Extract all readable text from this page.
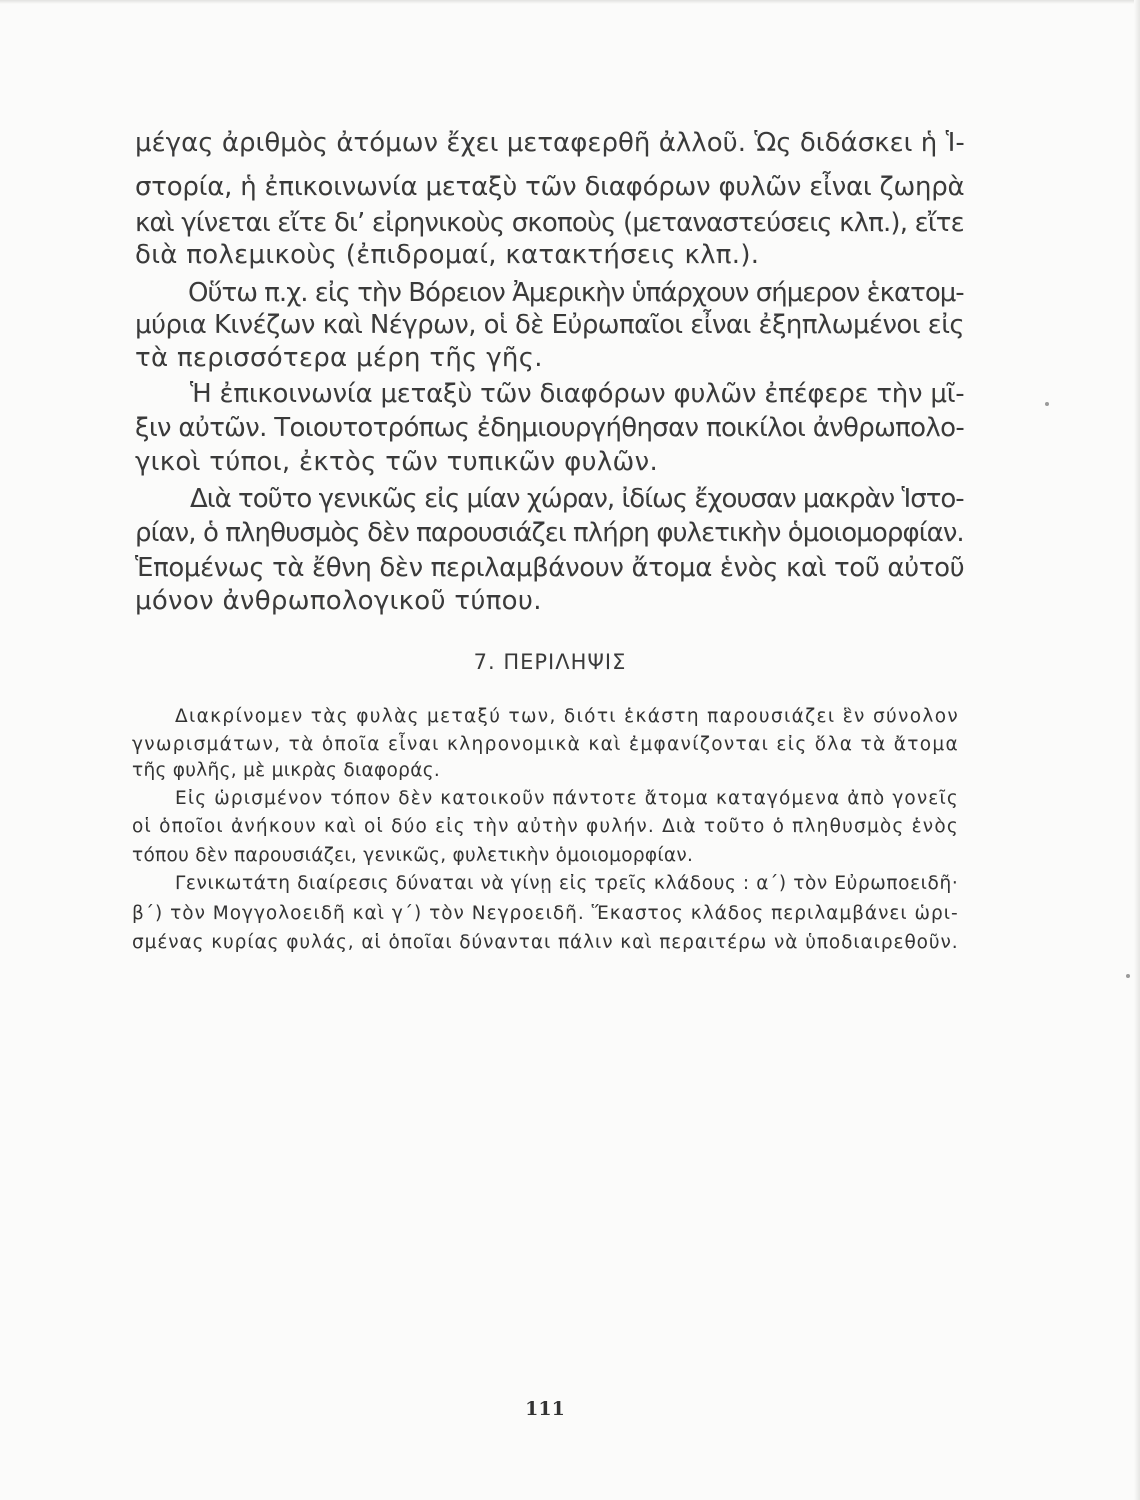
μέγας ἀριθμὸς ἀτόμων ἔχει μεταφερθῆ ἀλλοῦ. Ὡς διδάσκει ἡ Ἱ-

στορία, ἡ ἐπικοινωνία μεταξὺ τῶν διαφόρων φυλῶν εἶναι ζωηρὰ

καὶ γίνεται εἴτε δι’ εἰρηνικοὺς σκοποὺς (μεταναστεύσεις κλπ.), εἴτε

διὰ πολεμικοὺς (ἐπιδρομαί, κατακτήσεις κλπ.).

Οὕτω π.χ. εἰς τὴν Βόρειον Ἀμερικὴν ὑπάρχουν σήμερον ἑκατομ-

μύρια Κινέζων καὶ Νέγρων, οἱ δὲ Εὐρωπαῖοι εἶναι ἐξηπλωμένοι εἰς

τὰ περισσότερα μέρη τῆς γῆς.

Ἡ ἐπικοινωνία μεταξὺ τῶν διαφόρων φυλῶν ἐπέφερε τὴν μῖ-

ξιν αὐτῶν. Τοιουτοτρόπως ἐδημιουργήθησαν ποικίλοι ἀνθρωπολο-

γικοὶ τύποι, ἐκτὸς τῶν τυπικῶν φυλῶν.

Διὰ τοῦτο γενικῶς εἰς μίαν χώραν, ἰδίως ἔχουσαν μακρὰν Ἱστο-

ρίαν, ὁ πληθυσμὸς δὲν παρουσιάζει πλήρη φυλετικὴν ὁμοιομορφίαν.

Ἑπομένως τὰ ἔθνη δὲν περιλαμβάνουν ἄτομα ἑνὸς καὶ τοῦ αὐτοῦ

μόνον ἀνθρωπολογικοῦ τύπου.

7. ΠΕΡΙΛΗΨΙΣ

Διακρίνομεν τὰς φυλὰς μεταξύ των, διότι ἑκάστη παρουσιάζει ἓν σύνολον

γνωρισμάτων, τὰ ὁποῖα εἶναι κληρονομικὰ καὶ ἐμφανίζονται εἰς ὅλα τὰ ἄτομα

τῆς φυλῆς, μὲ μικρὰς διαφοράς.

Εἰς ὡρισμένον τόπον δὲν κατοικοῦν πάντοτε ἄτομα καταγόμενα ἀπὸ γονεῖς

οἱ ὁποῖοι ἀνήκουν καὶ οἱ δύο εἰς τὴν αὐτὴν φυλήν. Διὰ τοῦτο ὁ πληθυσμὸς ἑνὸς

τόπου δὲν παρουσιάζει, γενικῶς, φυλετικὴν ὁμοιομορφίαν.

Γενικωτάτη διαίρεσις δύναται νὰ γίνῃ εἰς τρεῖς κλάδους : α΄) τὸν Εὐρωποειδῆ·

β΄) τὸν Μογγολοειδῆ καὶ γ΄) τὸν Νεγροειδῆ. Ἕκαστος κλάδος περιλαμβάνει ὡρι-

σμένας κυρίας φυλάς, αἱ ὁποῖαι δύνανται πάλιν καὶ περαιτέρω νὰ ὑποδιαιρεθοῦν.

111
